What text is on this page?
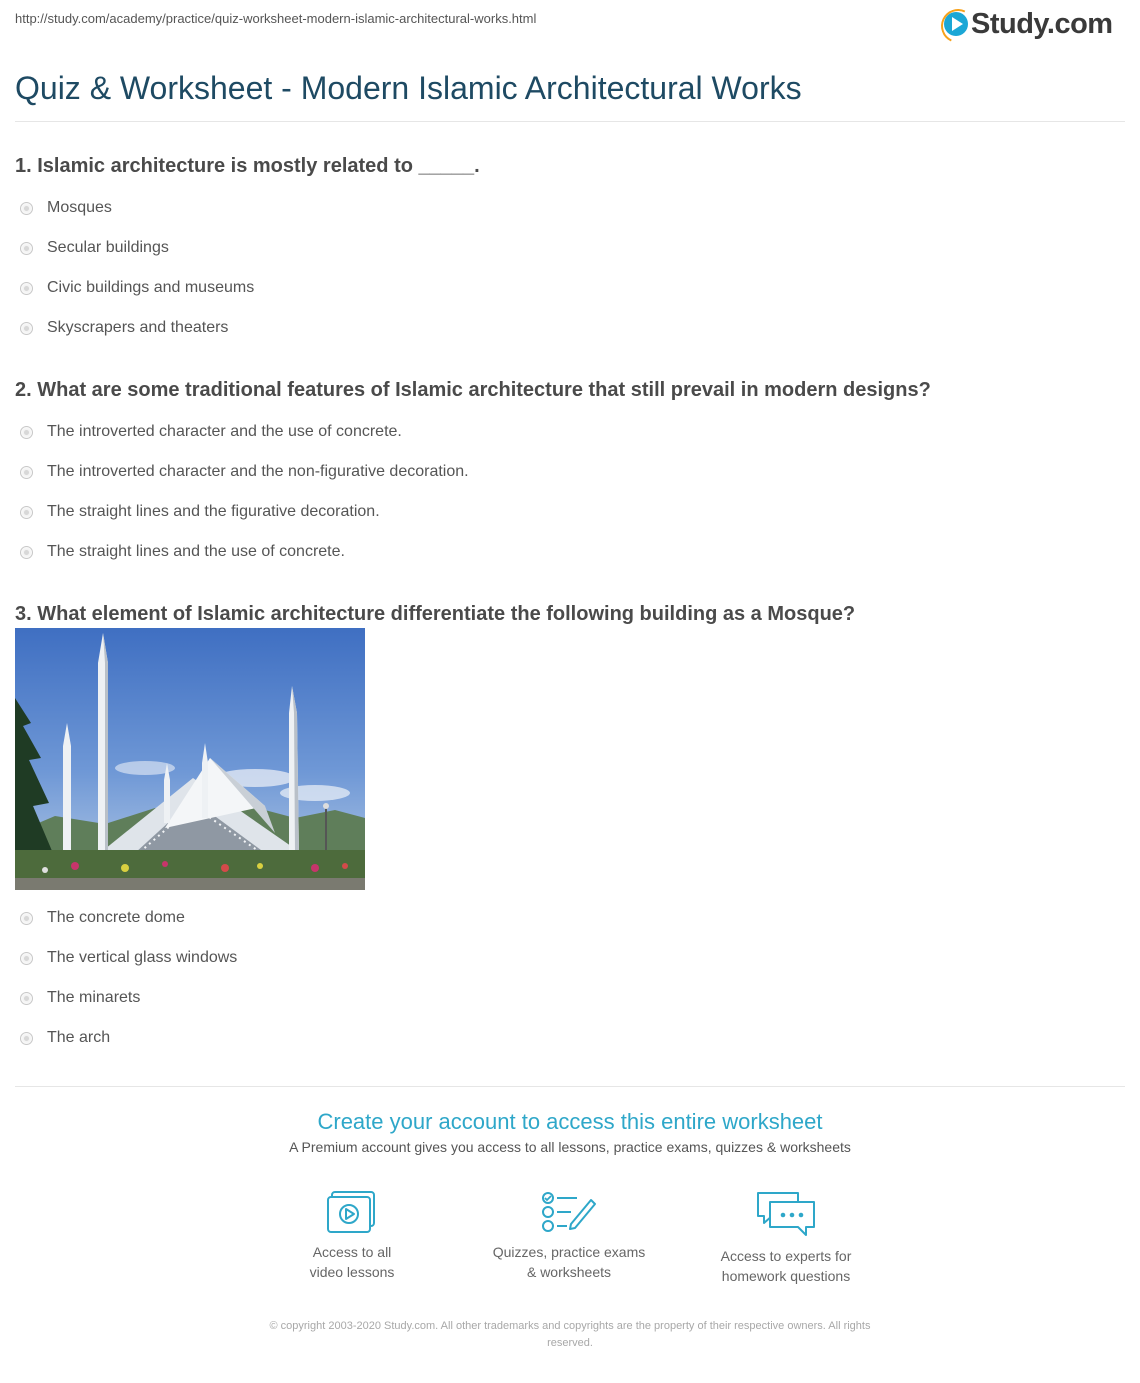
http://study.com/academy/practice/quiz-worksheet-modern-islamic-architectural-works.html	Study.com
Quiz & Worksheet - Modern Islamic Architectural Works
1. Islamic architecture is mostly related to _____.
Mosques
Secular buildings
Civic buildings and museums
Skyscrapers and theaters
2. What are some traditional features of Islamic architecture that still prevail in modern designs?
The introverted character and the use of concrete.
The introverted character and the non-figurative decoration.
The straight lines and the figurative decoration.
The straight lines and the use of concrete.
3. What element of Islamic architecture differentiate the following building as a Mosque?
The concrete dome
The vertical glass windows
The minarets
The arch
Create your account to access this entire worksheet
A Premium account gives you access to all lessons, practice exams, quizzes & worksheets
Access to all
video lessons
Quizzes, practice exams
& worksheets
Access to experts for
homework questions
© copyright 2003-2020 Study.com. All other trademarks and copyrights are the property of their respective owners. All rights
reserved.
